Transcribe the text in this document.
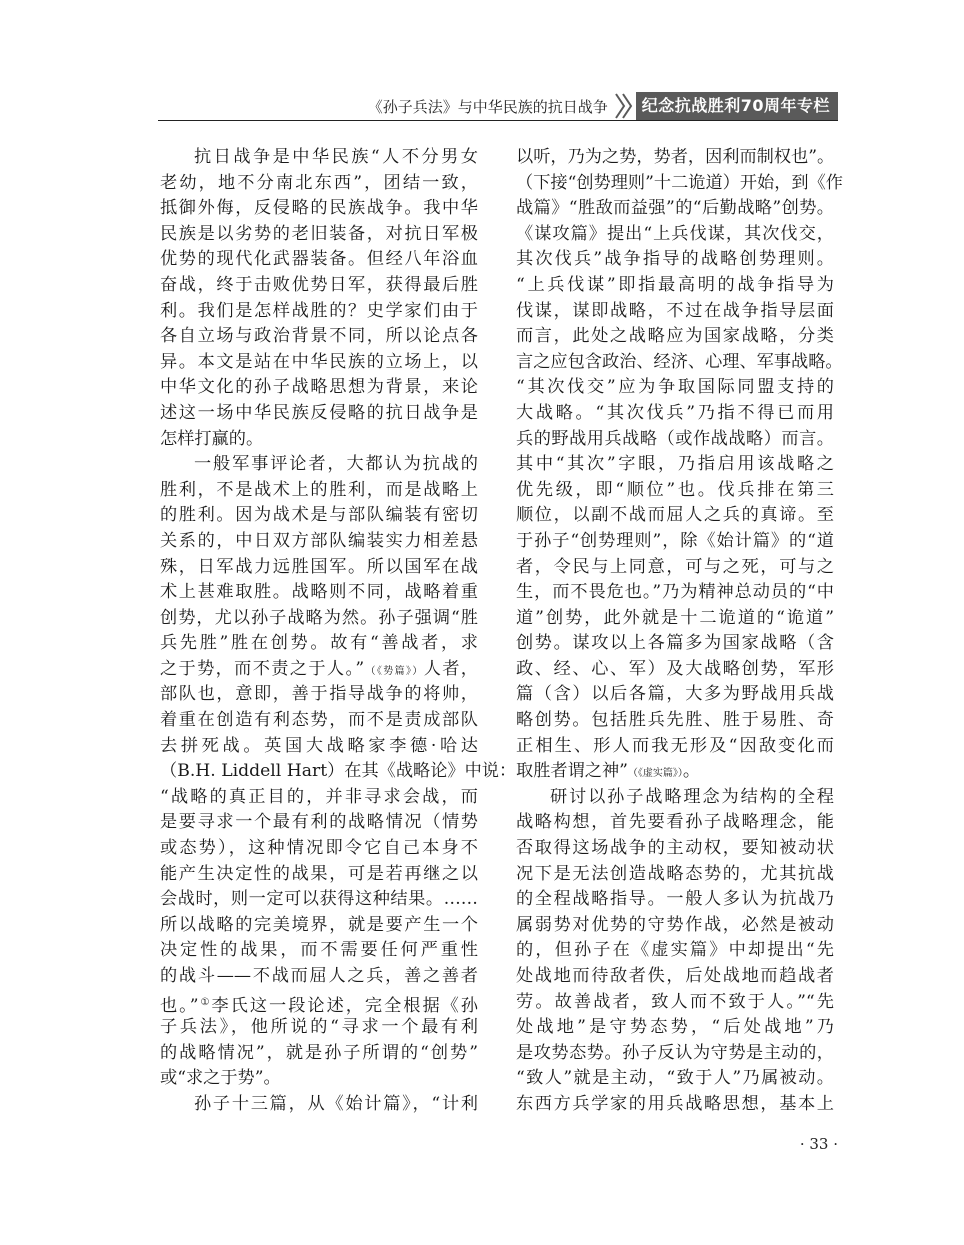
《孙子兵法》与中华民族的抗日战争	纪念抗战胜利70周年专栏
抗日战争是中华民族“人不分男女
老幼，地不分南北东西”，团结一致，
抵御外侮，反侵略的民族战争。我中华
民族是以劣势的老旧装备，对抗日军极
优势的现代化武器装备。但经八年浴血
奋战，终于击败优势日军，获得最后胜
利。我们是怎样战胜的？史学家们由于
各自立场与政治背景不同，所以论点各
异。本文是站在中华民族的立场上，以
中华文化的孙子战略思想为背景，来论
述这一场中华民族反侵略的抗日战争是
怎样打赢的。
一般军事评论者，大都认为抗战的
胜利，不是战术上的胜利，而是战略上
的胜利。因为战术是与部队编装有密切
关系的，中日双方部队编装实力相差悬
殊，日军战力远胜国军。所以国军在战
术上甚难取胜。战略则不同，战略着重
创势，尤以孙子战略为然。孙子强调“胜
兵先胜”胜在创势。故有“善战者，求
之于势，而不责之于人。”（《势篇》）人者，
部队也，意即，善于指导战争的将帅，
着重在创造有利态势，而不是责成部队
去拼死战。英国大战略家李德·哈达
（B.H. Liddell Hart）在其《战略论》中说：
“战略的真正目的，并非寻求会战，而
是要寻求一个最有利的战略情况（情势
或态势），这种情况即令它自己本身不
能产生决定性的战果，可是若再继之以
会战时，则一定可以获得这种结果。……
所以战略的完美境界，就是要产生一个
决定性的战果，而不需要任何严重性
的战斗——不战而屈人之兵，善之善者
也。”①李氏这一段论述，完全根据《孙
子兵法》，他所说的“寻求一个最有利
的战略情况”，就是孙子所谓的“创势”
或“求之于势”。
孙子十三篇，从《始计篇》，“计利
以听，乃为之势，势者，因利而制权也”。
（下接“创势理则”十二诡道）开始，到《作
战篇》“胜敌而益强”的“后勤战略”创势。
《谋攻篇》提出“上兵伐谋，其次伐交，
其次伐兵”战争指导的战略创势理则。
“上兵伐谋”即指最高明的战争指导为
伐谋，谋即战略，不过在战争指导层面
而言，此处之战略应为国家战略，分类
言之应包含政治、经济、心理、军事战略。
“其次伐交”应为争取国际同盟支持的
大战略。“其次伐兵”乃指不得已而用
兵的野战用兵战略（或作战战略）而言。
其中“其次”字眼，乃指启用该战略之
优先级，即“顺位”也。伐兵排在第三
顺位，以副不战而屈人之兵的真谛。至
于孙子“创势理则”，除《始计篇》的“道
者，令民与上同意，可与之死，可与之
生，而不畏危也。”乃为精神总动员的“中
道”创势，此外就是十二诡道的“诡道”
创势。谋攻以上各篇多为国家战略（含
政、经、心、军）及大战略创势，军形
篇（含）以后各篇，大多为野战用兵战
略创势。包括胜兵先胜、胜于易胜、奇
正相生、形人而我无形及“因敌变化而
取胜者谓之神”（《虚实篇》）。
研讨以孙子战略理念为结构的全程
战略构想，首先要看孙子战略理念，能
否取得这场战争的主动权，要知被动状
况下是无法创造战略态势的，尤其抗战
的全程战略指导。一般人多认为抗战乃
属弱势对优势的守势作战，必然是被动
的，但孙子在《虚实篇》中却提出“先
处战地而待敌者佚，后处战地而趋战者
劳。故善战者，致人而不致于人。”“先
处战地”是守势态势，“后处战地”乃
是攻势态势。孙子反认为守势是主动的，
“致人”就是主动，“致于人”乃属被动。
东西方兵学家的用兵战略思想，基本上
· 33 ·
